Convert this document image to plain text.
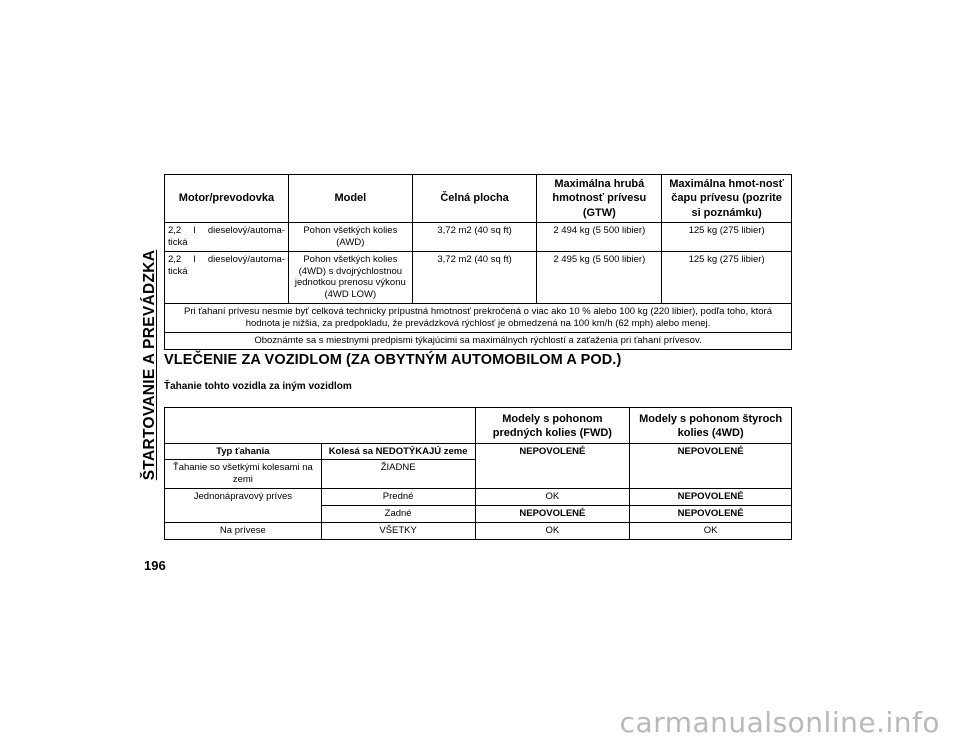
ŠTARTOVANIE A PREVÁDZKA
Motor/prevodovka	Model	Čelná plocha	Maximálna hrubá hmotnosť prívesu (GTW)	Maximálna hmot-nosť čapu prívesu (pozrite si poznámku)
2,2 l dieselový/automa-tická	Pohon všetkých kolies (AWD)	3,72 m2 (40 sq ft)	2 494 kg (5 500 libier)	125 kg (275 libier)
2,2 l dieselový/automa-tická	Pohon všetkých kolies (4WD) s dvojrýchlostnou jednotkou prenosu výkonu (4WD LOW)	3,72 m2 (40 sq ft)	2 495 kg (5 500 libier)	125 kg (275 libier)
Pri ťahaní prívesu nesmie byť celková technicky prípustná hmotnosť prekročená o viac ako 10 % alebo 100 kg (220 libier), podľa toho, ktorá hodnota je nižšia, za predpokladu, že prevádzková rýchlosť je obmedzená na 100 km/h (62 mph) alebo menej.				
Oboznámte sa s miestnymi predpismi týkajúcimi sa maximálnych rýchlostí a zaťaženia pri ťahaní prívesov.				
VLEČENIE ZA VOZIDLOM (ZA OBYTNÝM AUTOMOBILOM A POD.)
Ťahanie tohto vozidla za iným vozidlom
		Modely s pohonom predných kolies (FWD)	Modely s pohonom štyroch kolies (4WD)
Typ ťahania	Kolesá sa NEDOTÝKAJÚ zeme	NEPOVOLENÉ	NEPOVOLENÉ
Ťahanie so všetkými kolesami na zemi	ŽIADNE		
Jednonápravový príves	Predné	OK	NEPOVOLENÉ
	Zadné	NEPOVOLENÉ	NEPOVOLENÉ
Na prívese	VŠETKY	OK	OK
196
carmanualsonline.info
